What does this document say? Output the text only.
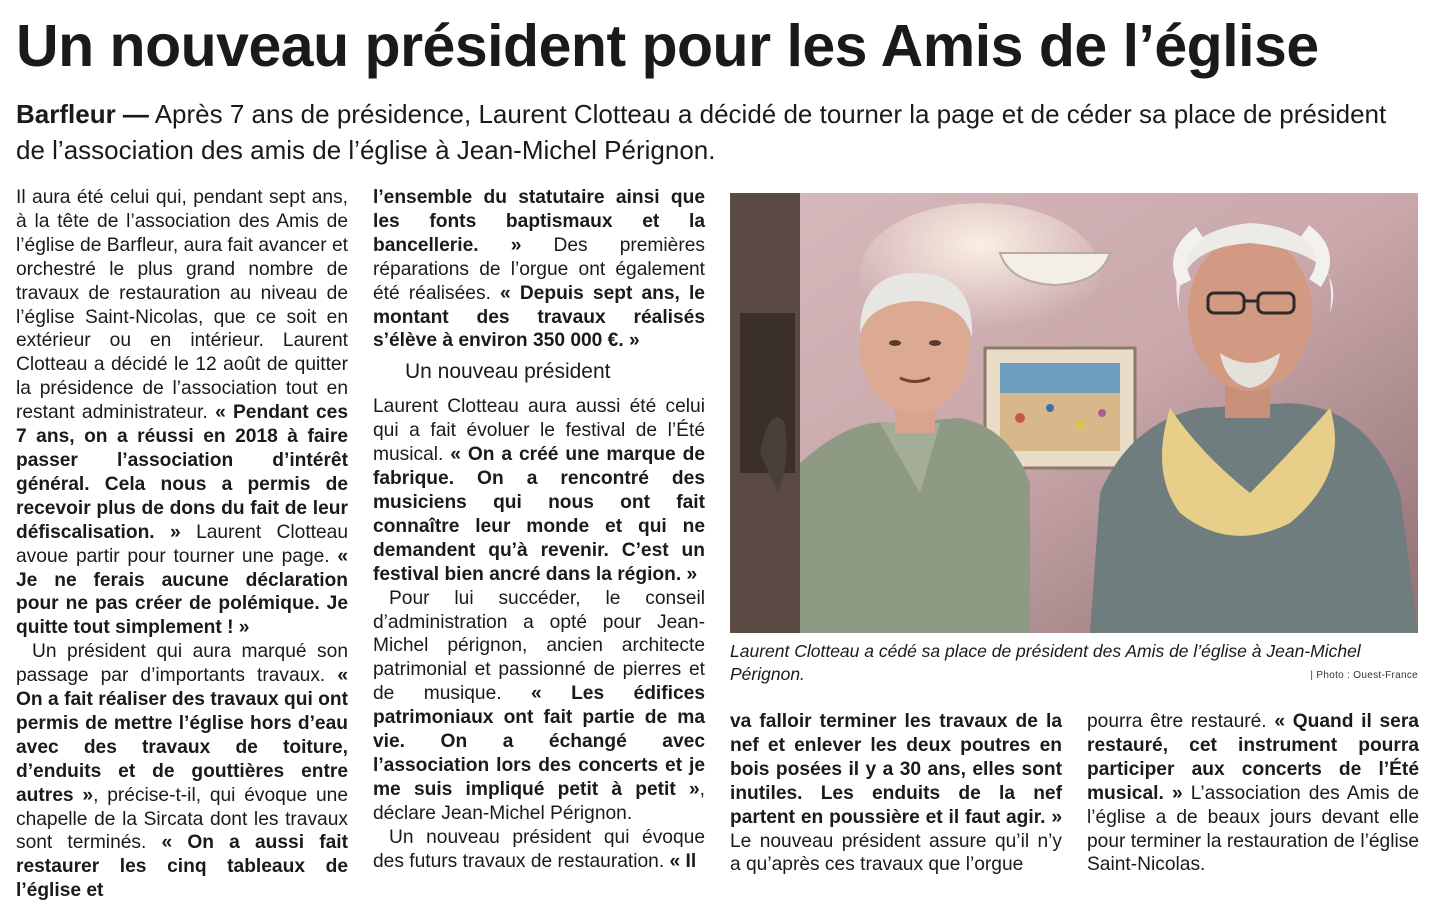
Un nouveau président pour les Amis de l’église
Barfleur — Après 7 ans de présidence, Laurent Clotteau a décidé de tourner la page et de céder sa place de président de l’association des amis de l’église à Jean-Michel Pérignon.

Il aura été celui qui, pendant sept ans, à la tête de l’association des Amis de l’église de Barfleur, aura fait avancer et orchestré le plus grand nombre de travaux de restauration au niveau de l’église Saint-Nicolas, que ce soit en extérieur ou en intérieur. Laurent Clotteau a décidé le 12 août de quitter la présidence de l’association tout en restant administrateur. « Pendant ces 7 ans, on a réussi en 2018 à faire passer l’association d’intérêt général. Cela nous a permis de recevoir plus de dons du fait de leur défiscalisation. » Laurent Clotteau avoue partir pour tourner une page. « Je ne ferais aucune déclaration pour ne pas créer de polémique. Je quitte tout simplement ! »

Un président qui aura marqué son passage par d’importants travaux. « On a fait réaliser des travaux qui ont permis de mettre l’église hors d’eau avec des travaux de toiture, d’enduits et de gouttières entre autres », précise-t-il, qui évoque une chapelle de la Sircata dont les travaux sont terminés. « On a aussi fait restaurer les cinq tableaux de l’église et

l’ensemble du statutaire ainsi que les fonts baptismaux et la bancellerie. » Des premières réparations de l’orgue ont également été réalisées. « Depuis sept ans, le montant des travaux réalisés s’élève à environ 350 000 €. »

Un nouveau président

Laurent Clotteau aura aussi été celui qui a fait évoluer le festival de l’Été musical. « On a créé une marque de fabrique. On a rencontré des musiciens qui nous ont fait connaître leur monde et qui ne demandent qu’à revenir. C’est un festival bien ancré dans la région. »

Pour lui succéder, le conseil d’administration a opté pour Jean-Michel pérignon, ancien architecte patrimonial et passionné de pierres et de musique. « Les édifices patrimoniaux ont fait partie de ma vie. On a échangé avec l’association lors des concerts et je me suis impliqué petit à petit », déclare Jean-Michel Pérignon.

Un nouveau président qui évoque des futurs travaux de restauration. « Il

Laurent Clotteau a cédé sa place de président des Amis de l’église à Jean-Michel Pérignon.	| Photo : Ouest-France

va falloir terminer les travaux de la nef et enlever les deux poutres en bois posées il y a 30 ans, elles sont inutiles. Les enduits de la nef partent en poussière et il faut agir. » Le nouveau président assure qu’il n’y a qu’après ces travaux que l’orgue

pourra être restauré. « Quand il sera restauré, cet instrument pourra participer aux concerts de l’Été musical. » L’association des Amis de l’église a de beaux jours devant elle pour terminer la restauration de l’église Saint-Nicolas.
